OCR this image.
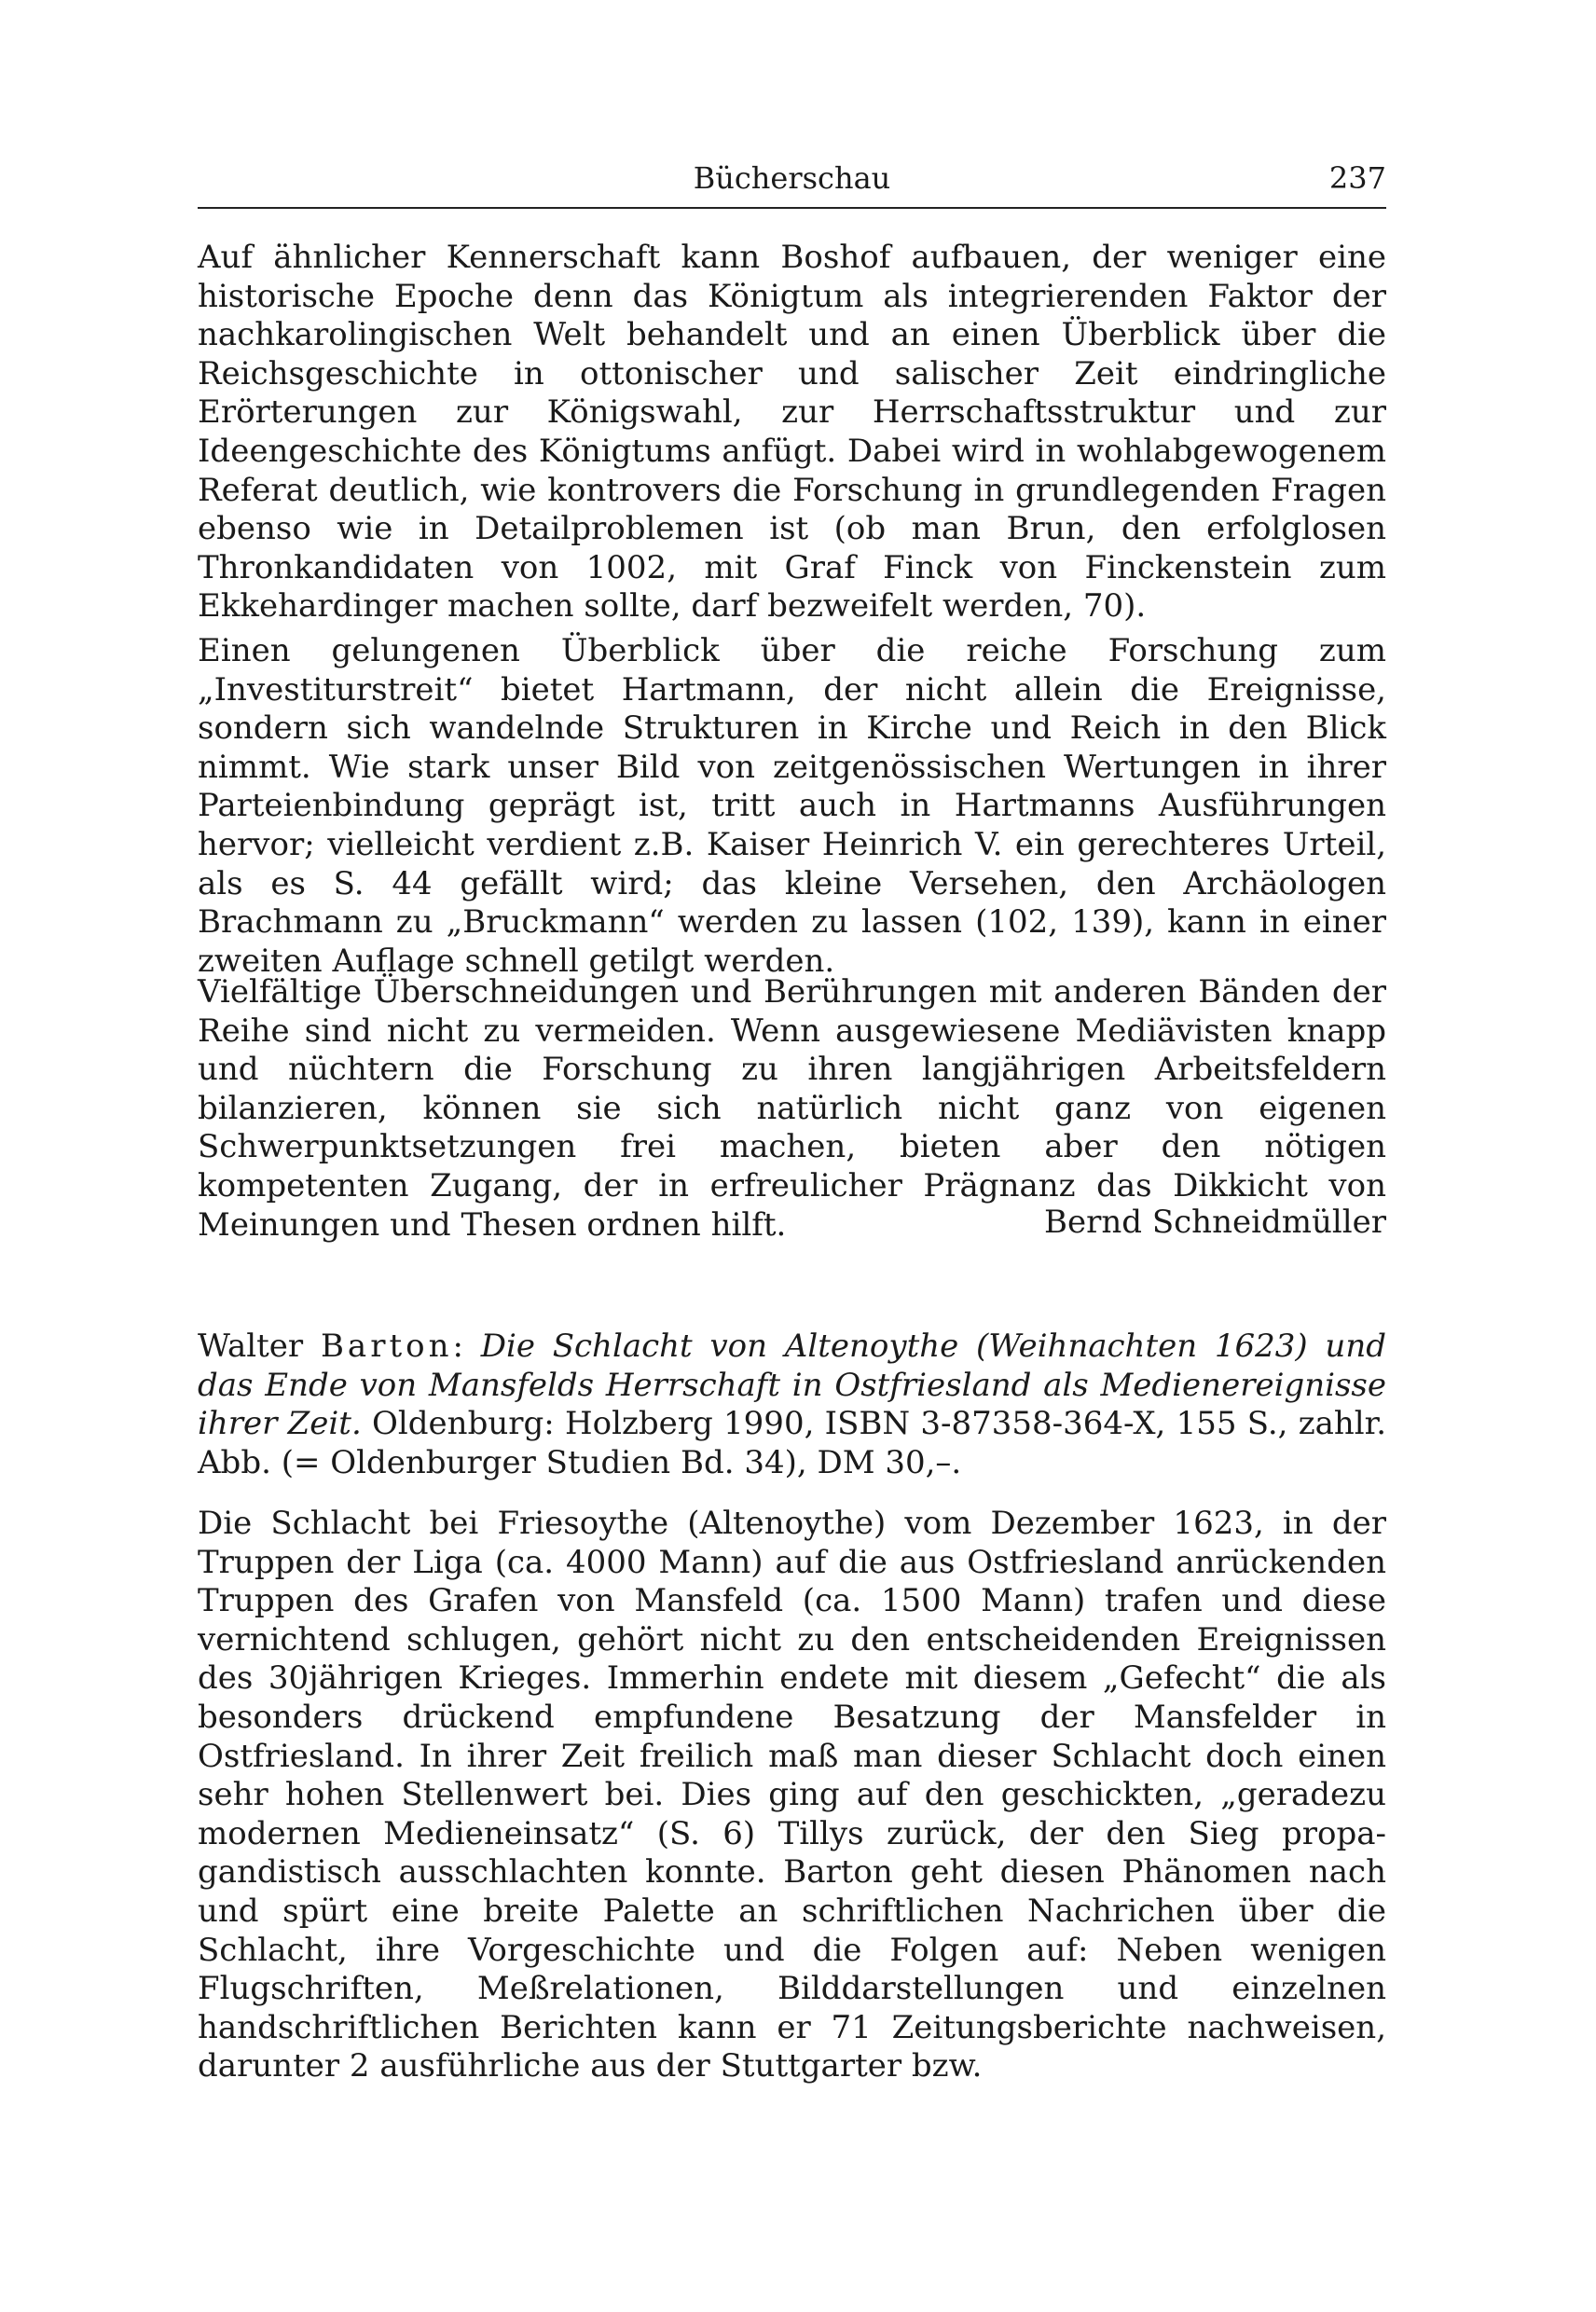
Bücherschau	237

Auf ähnlicher Kennerschaft kann Boshof aufbauen, der weniger eine historische Epoche denn das Königtum als integrierenden Faktor der nachkarolingischen Welt behandelt und an einen Überblick über die Reichsgeschichte in ottonischer und salischer Zeit eindringliche Erörterungen zur Königswahl, zur Herrschaftsstruktur und zur Ideengeschichte des Königtums anfügt. Dabei wird in wohlabgewogenem Referat deutlich, wie kontrovers die Forschung in grundlegenden Fragen ebenso wie in Detailproblemen ist (ob man Brun, den erfolglosen Thronkandidaten von 1002, mit Graf Finck von Finckenstein zum Ekkehardinger machen sollte, darf bezweifelt werden, 70).

Einen gelungenen Überblick über die reiche Forschung zum „Investiturstreit“ bietet Hartmann, der nicht allein die Ereignisse, sondern sich wandelnde Strukturen in Kirche und Reich in den Blick nimmt. Wie stark unser Bild von zeitgenössischen Wertungen in ihrer Parteienbindung geprägt ist, tritt auch in Hartmanns Ausführungen hervor; vielleicht verdient z.B. Kaiser Heinrich V. ein gerechteres Urteil, als es S. 44 gefällt wird; das kleine Versehen, den Archäologen Brachmann zu „Bruckmann“ werden zu lassen (102, 139), kann in einer zweiten Auflage schnell getilgt werden.

Vielfältige Überschneidungen und Berührungen mit anderen Bänden der Reihe sind nicht zu vermeiden. Wenn ausgewiesene Mediävisten knapp und nüchtern die Forschung zu ihren langjährigen Arbeitsfeldern bilanzieren, können sie sich natürlich nicht ganz von eigenen Schwerpunktsetzungen frei machen, bieten aber den nötigen kompetenten Zugang, der in erfreulicher Prägnanz das Dikkicht von Meinungen und Thesen ordnen hilft.	Bernd Schneidmüller

Walter Barton: Die Schlacht von Altenoythe (Weihnachten 1623) und das Ende von Mansfelds Herrschaft in Ostfriesland als Medienereignisse ihrer Zeit. Oldenburg: Holzberg 1990, ISBN 3-87358-364-X, 155 S., zahlr. Abb. (= Oldenburger Studien Bd. 34), DM 30,–.

Die Schlacht bei Friesoythe (Altenoythe) vom Dezember 1623, in der Truppen der Liga (ca. 4000 Mann) auf die aus Ostfriesland anrückenden Truppen des Grafen von Mansfeld (ca. 1500 Mann) trafen und diese vernichtend schlugen, gehört nicht zu den entscheidenden Ereignissen des 30jährigen Krieges. Immerhin endete mit diesem „Gefecht“ die als besonders drückend empfundene Besatzung der Mansfelder in Ostfriesland. In ihrer Zeit freilich maß man dieser Schlacht doch einen sehr hohen Stellenwert bei. Dies ging auf den geschickten, „geradezu modernen Medieneinsatz“ (S. 6) Tillys zurück, der den Sieg propagandistisch ausschlachten konnte. Barton geht diesen Phänomen nach und spürt eine breite Palette an schriftlichen Nachrichen über die Schlacht, ihre Vorgeschichte und die Folgen auf: Neben wenigen Flugschriften, Meßrelationen, Bilddarstellungen und einzelnen handschriftlichen Berichten kann er 71 Zeitungsberichte nachweisen, darunter 2 ausführliche aus der Stuttgarter bzw.
